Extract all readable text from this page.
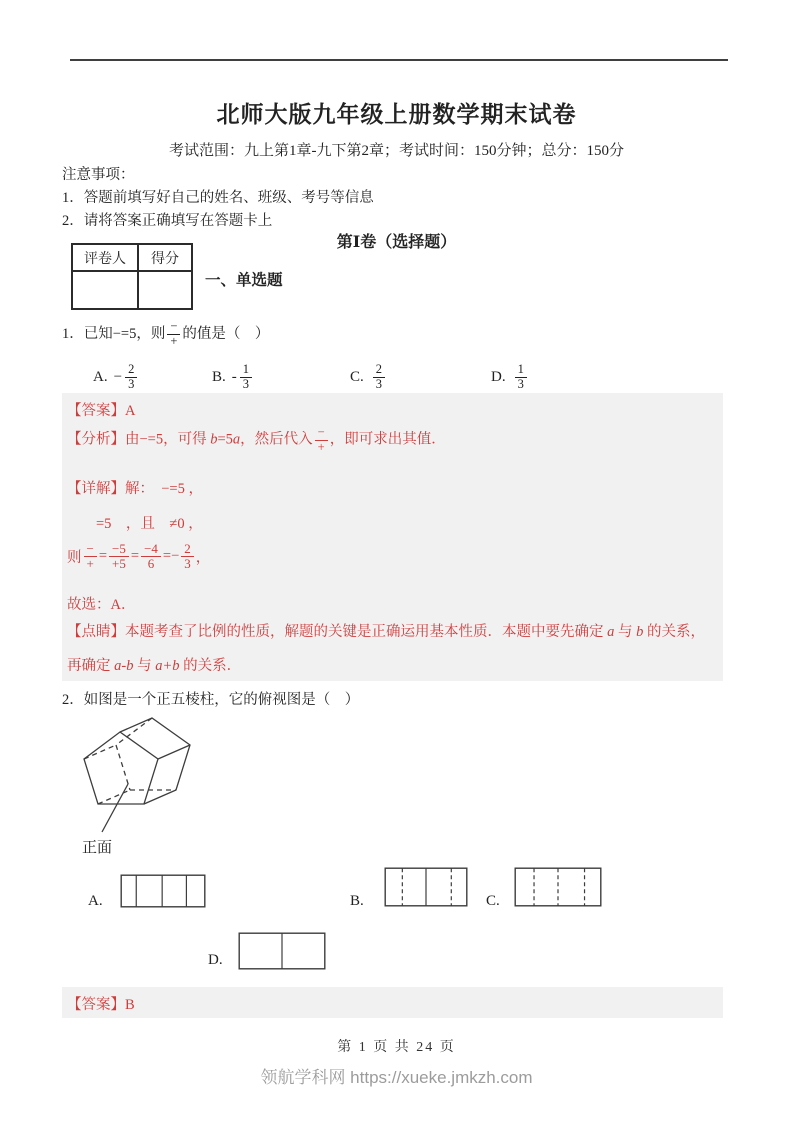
北师大版九年级上册数学期末试卷
考试范围：九上第1章-九下第2章；考试时间：150分钟；总分：150分
注意事项：
1．答题前填写好自己的姓名、班级、考号等信息
2．请将答案正确填写在答题卡上
第Ⅰ卷（选择题）
评卷人	得分

一、单选题
1．已知−=5，则 $\frac{-}{+}$ 的值是（　）
A. − $\frac{2}{3}$	B. - $\frac{1}{3}$	C. $\frac{2}{3}$	D. $\frac{1}{3}$
【答案】A
【分析】由−=5，可得 b=5a，然后代入 $\frac{-}{+}$ ，即可求出其值．
【详解】解：　−=5 ，
　　=5　，且　≠0 ，
则 $\frac{-}{+} = \frac{-5}{+5} = \frac{-4}{6} =- \frac{2}{3}$ ，
故选：A．
【点睛】本题考查了比例的性质，解题的关键是正确运用基本性质．本题中要先确定 a 与 b 的关系，再确定 a-b 与 a+b 的关系．
2．如图是一个正五棱柱，它的俯视图是（　）
正面
A.	B.	C.
D.
【答案】B
第 1 页 共 24 页
领航学科网 https://xueke.jmkzh.com
